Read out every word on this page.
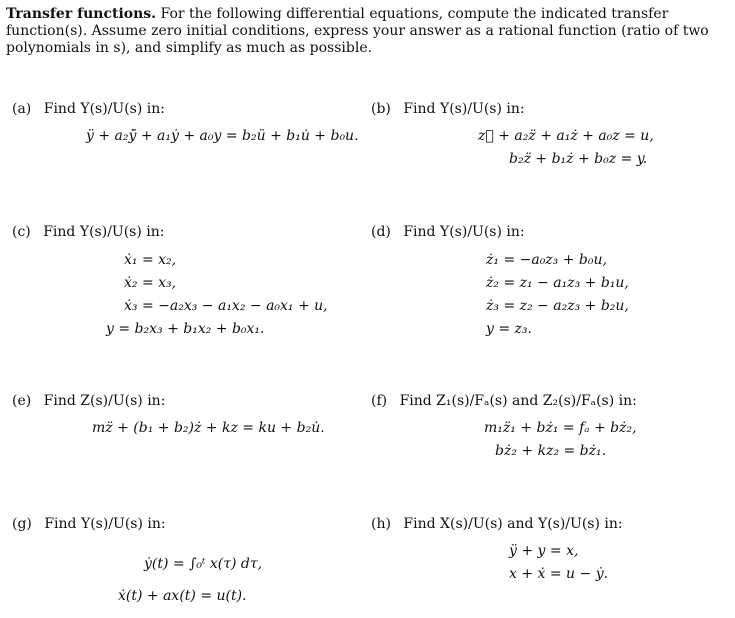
Transfer functions. For the following differential equations, compute the indicated transfer function(s). Assume zero initial conditions, express your answer as a rational function (ratio of two polynomials in s), and simplify as much as possible.
(a) Find Y(s)/U(s) in:
ÿ + a₂ÿ̇ + a₁ẏ + a₀y = b₂ü + b₁u̇ + b₀u.
(b) Find Y(s)/U(s) in:
z⃛ + a₂z̈ + a₁ż + a₀z = u,
b₂z̈ + b₁ż + b₀z = y.
(c) Find Y(s)/U(s) in:
ẋ₁ = x₂,
ẋ₂ = x₃,
ẋ₃ = −a₂x₃ − a₁x₂ − a₀x₁ + u,
y = b₂x₃ + b₁x₂ + b₀x₁.
(d) Find Y(s)/U(s) in:
ż₁ = −a₀z₃ + b₀u,
ż₂ = z₁ − a₁z₃ + b₁u,
ż₃ = z₂ − a₂z₃ + b₂u,
y = z₃.
(e) Find Z(s)/U(s) in:
mz̈ + (b₁ + b₂)ż + kz = ku + b₂u̇.
(f) Find Z₁(s)/Fₐ(s) and Z₂(s)/Fₐ(s) in:
m₁z̈₁ + bż₁ = fₐ + bż₂,
bż₂ + kz₂ = bż₁.
(g) Find Y(s)/U(s) in:
ẏ(t) = ∫₀ᵗ x(τ) dτ,
ẋ(t) + ax(t) = u(t).
(h) Find X(s)/U(s) and Y(s)/U(s) in:
ÿ + y = x,
x + ẋ = u − ẏ.
